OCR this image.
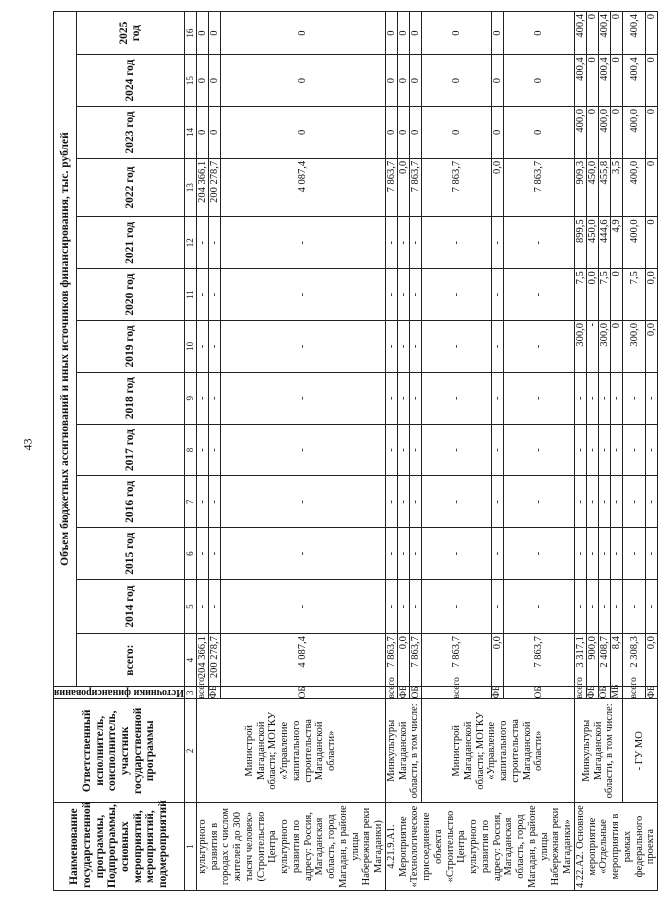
43
Наименование государственной программы, Подпрограммы, основных мероприятий, мероприятий, подмероприятий	Ответственный исполнитель, соисполнитель, участник государственной программы	Источники финансирования	Объем бюджетных ассигнований и иных источников финансирования, тыс. рублей												
			всего:	2014 год	2015 год	2016 год	2017 год	2018 год	2019 год	2020 год	2021 год	2022 год	2023 год	2024 год	2025 год
1	2	3	4	5	6	7	8	9	10	11	12	13	14	15	16
культурного развития в городах с числом жителей до 300 тысяч человек» (Строительство Центра культурного развития по адресу: Россия, Магаданская область, город Магадан, в районе улицы Набережная реки Магаданки)	Министрой Магаданской области; МОГКУ «Управление капитального строительства Магаданской области»	всего	204 366,1	-	-	-	-	-	-	-	-	204 366,1	0	0	0
		ФБ	200 278,7	-	-	-	-	-	-	-	-	200 278,7	0	0	0
		ОБ	4 087,4	-	-	-	-	-	-	-	-	4 087,4	0	0	0
4.21.9.А1. Мероприятие «Технологическое присоединение объекта «Строительство Центра культурного развития по адресу: Россия, Магаданская область, город Магадан, в районе улицы Набережная реки Магаданки»	Минкультуры Магаданской области, в том числе:	всего	7 863,7	-	-	-	-	-	-	-	-	7 863,7	0	0	0
		ФБ	0,0	-	-	-	-	-	-	-	-	0,0	0	0	0
		ОБ	7 863,7	-	-	-	-	-	-	-	-	7 863,7	0	0	0
	Министрой Магаданской области; МОГКУ «Управление капитального строительства Магаданской области»	всего	7 863,7	-	-	-	-	-	-	-	-	7 863,7	0	0	0
		ФБ	0,0	-	-	-	-	-	-	-	-	0,0	0	0	0
		ОБ	7 863,7	-	-	-	-	-	-	-	-	7 863,7	0	0	0
4.22.А2. Основное мероприятие «Отдельные мероприятия в рамках федерального проекта	Минкультуры Магаданской области, в том числе:	всего	3 317,1	-	-	-	-	-	300,0	7,5	899,5	909,3	400,0	400,4	400,4
		ФБ	900,0	-	-	-	-	-	-	0,0	450,0	450,0	0	0	0
		ОБ	2 408,7	-	-	-	-	-	300,0	7,5	444,6	455,8	400,0	400,4	400,4
		МБ	8,4	-	-	-	-	-	0	0	4,9	3,5	0	0	0
	- ГУ МО	всего	2 308,3	-	-	-	-	-	300,0	7,5	400,0	400,0	400,0	400,4	400,4
		ФБ	0,0	-	-	-	-	-	0,0	0,0	0	0	0	0	0
